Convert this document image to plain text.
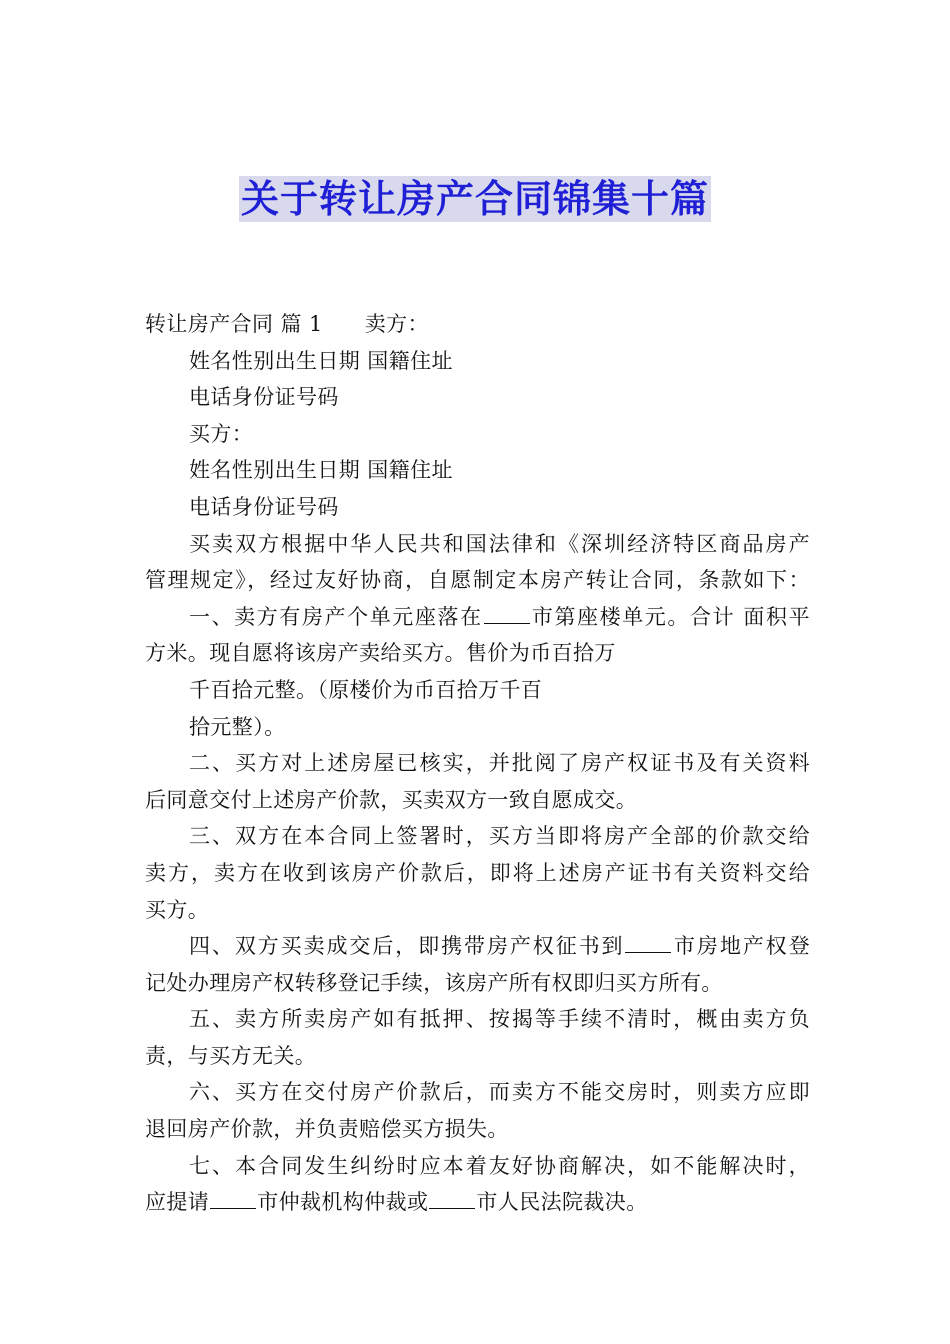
关于转让房产合同锦集十篇
转让房产合同 篇 1 卖方：
姓名性别出生日期 国籍住址
电话身份证号码
买方：
姓名性别出生日期 国籍住址
电话身份证号码
买卖双方根据中华人民共和国法律和《深圳经济特区商品房产
管理规定》，经过友好协商，自愿制定本房产转让合同，条款如下：
一、卖方有房产个单元座落在 市第座楼单元。合计 面积平
方米。现自愿将该房产卖给买方。售价为币百拾万
千百拾元整。（原楼价为币百拾万千百
拾元整）。
二、买方对上述房屋已核实，并批阅了房产权证书及有关资料
后同意交付上述房产价款，买卖双方一致自愿成交。
三、双方在本合同上签署时，买方当即将房产全部的价款交给
卖方，卖方在收到该房产价款后，即将上述房产证书有关资料交给
买方。
四、双方买卖成交后，即携带房产权征书到 市房地产权登
记处办理房产权转移登记手续，该房产所有权即归买方所有。
五、卖方所卖房产如有抵押、按揭等手续不清时，概由卖方负
责，与买方无关。
六、买方在交付房产价款后，而卖方不能交房时，则卖方应即
退回房产价款，并负责赔偿买方损失。
七、本合同发生纠纷时应本着友好协商解决，如不能解决时，
应提请 市仲裁机构仲裁或 市人民法院裁决。
